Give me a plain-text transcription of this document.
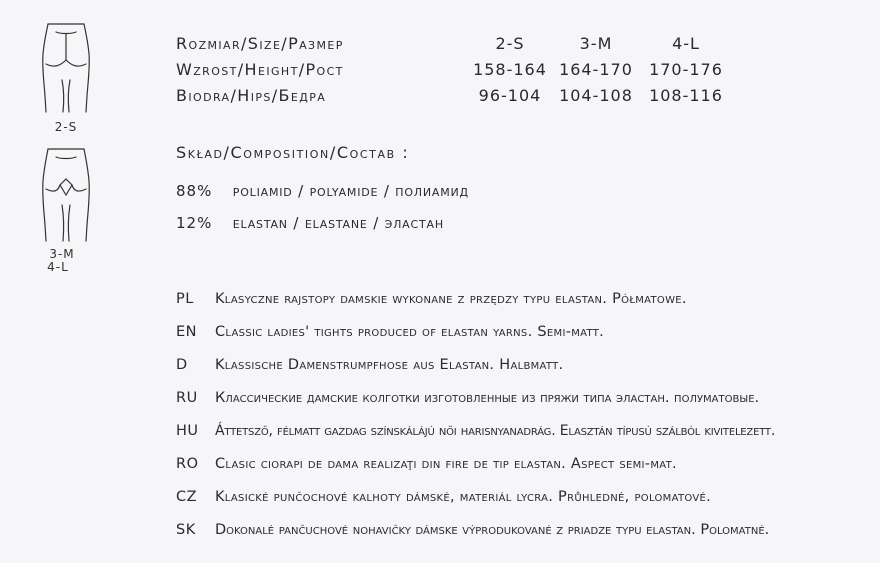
2-S
3-M
4-L
Rozmiar/Size/Размер	2-S	3-M	4-L
Wzrost/Height/Рост	158-164 164-170 170-176
Biodra/Hips/Бедра	96-104	104-108 108-116
Skład/Composition/Состав :
88% poliamid / polyamide / полиамид
12% elastan / elastane / эластан
PL	Klasyczne rajstopy damskie wykonane z przędzy typu elastan. Półmatowe.
EN	Classic ladies' tights produced of elastan yarns. Semi-matt.
D	Klassische Damenstrumpfhose aus Elastan. Halbmatt.
RU	Классические дамские колготки изготовленные из пряжи типа эластан. полуматовые.
HU	Áttetsző, félmatt gazdag színskálájú női harisnyanadrág. Elasztán típusú szálból kivitelezett.
RO	Clasic ciorapi de dama realizaţi din fire de tip elastan. Aspect semi-mat.
CZ	Klasické punčochové kalhoty dámské, materiál lycra. Průhledné, polomatové.
SK	Dokonalé pančuchové nohavičky dámske výprodukované z priadze typu elastan. Polomatné.
